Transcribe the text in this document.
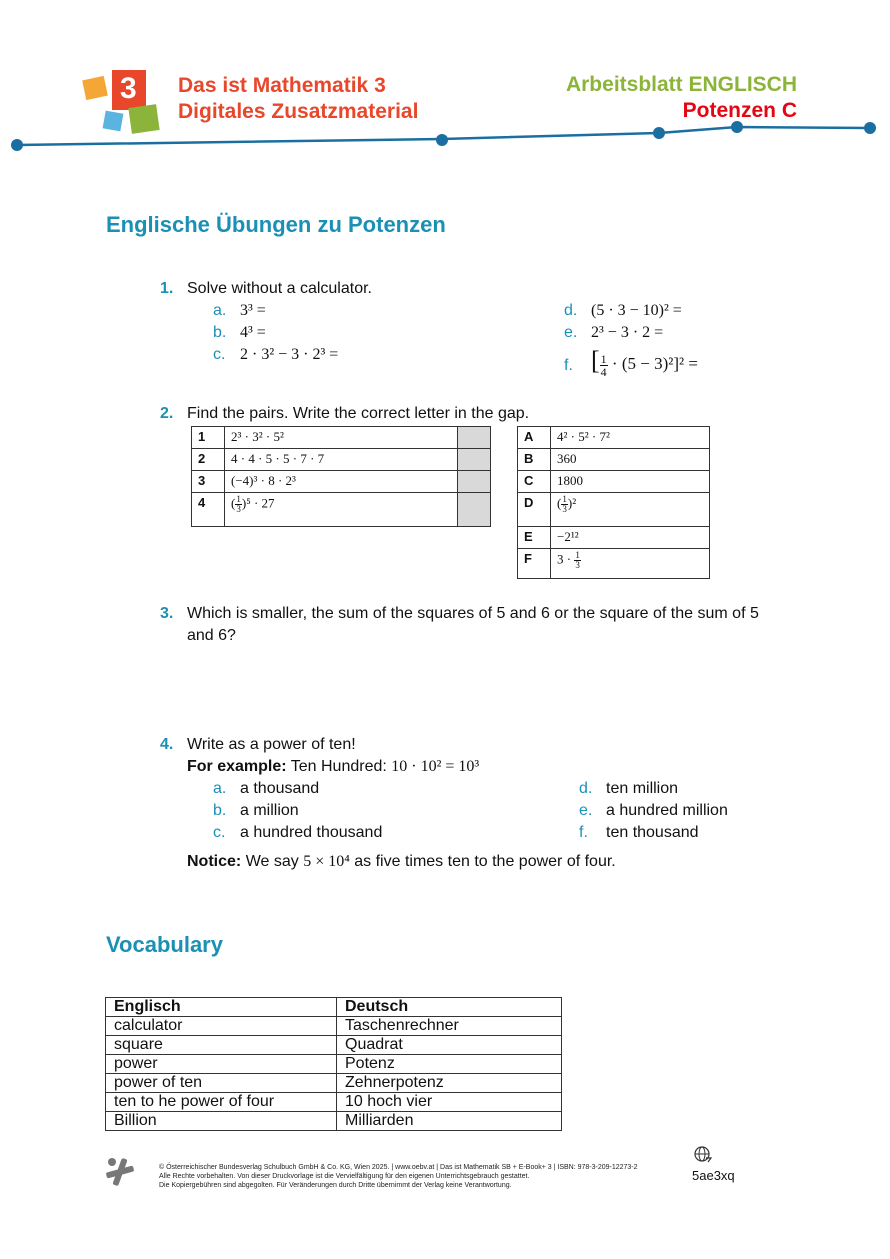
3 Das ist Mathematik 3
Digitales Zusatzmaterial
Arbeitsblatt ENGLISCH
Potenzen C
Englische Übungen zu Potenzen
1. Solve without a calculator.
a. 3³ =
b. 4³ =
c. 2 · 3² − 3 · 2³ =
d. (5 · 3 − 10)² =
e. 2³ − 3 · 2 =
f. [ $\frac{1}{4} \cdot (5 - 3)^2]^2$ =
2. Find the pairs. Write the correct letter in the gap.
1	2³ · 3² · 5²	
2	4 · 4 · 5 · 5 · 7 · 7	
3	(−4)³ · 8 · 2³	
4	( $\frac{1}{3} )^5 \cdot 27$	
A	4² · 5² · 7²
B	360
C	1800
D	( $\frac{1}{3} )^2$
E	−2¹²
F	$3 \cdot \frac{1}{3}$
3. Which is smaller, the sum of the squares of 5 and 6 or the square of the sum of 5
and 6?
4. Write as a power of ten!
For example: Ten Hundred: 10 · 10² = 10³
a. a thousand
b. a million
c. a hundred thousand
d. ten million
e. a hundred million
f. ten thousand
Notice: We say 5 × 10⁴ as five times ten to the power of four.
Vocabulary
Englisch	Deutsch
calculator	Taschenrechner
square	Quadrat
power	Potenz
power of ten	Zehnerpotenz
ten to he power of four	10 hoch vier
Billion	Milliarden
© Österreichischer Bundesverlag Schulbuch GmbH & Co. KG, Wien 2025. | www.oebv.at | Das ist Mathematik SB + E-Book+ 3 | ISBN: 978-3-209-12273-2
Alle Rechte vorbehalten. Von dieser Druckvorlage ist die Vervielfältigung für den eigenen Unterrichtsgebrauch gestattet.
Die Kopiergebühren sind abgegolten. Für Veränderungen durch Dritte übernimmt der Verlag keine Verantwortung.
5ae3xq
